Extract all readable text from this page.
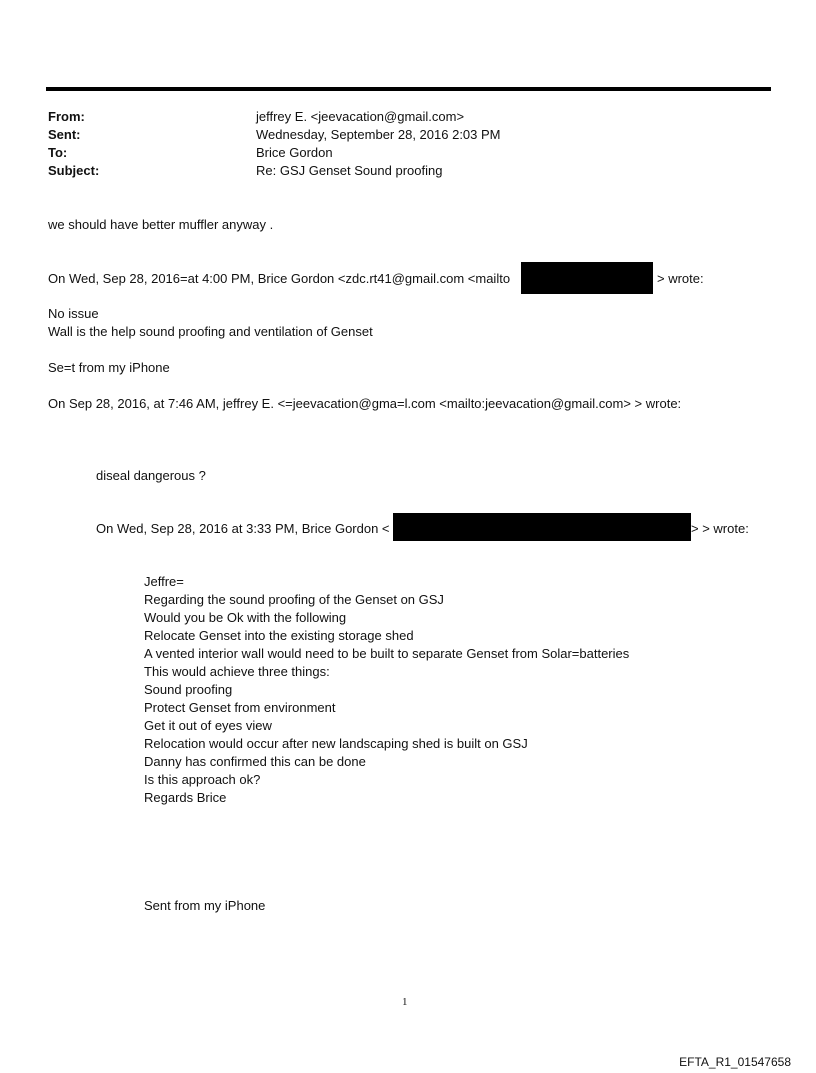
From:	jeffrey E. <jeevacation@gmail.com>
Sent:	Wednesday, September 28, 2016 2:03 PM
To:	Brice Gordon
Subject:	Re: GSJ Genset Sound proofing
we should have better muffler anyway .
On Wed, Sep 28, 2016=at 4:00 PM, Brice Gordon <zdc.rt41@gmail.com <mailto	> wrote:
No issue
Wall is the help sound proofing and ventilation of Genset
Se=t from my iPhone
On Sep 28, 2016, at 7:46 AM, jeffrey E. <=jeevacation@gma=l.com <mailto:jeevacation@gmail.com> > wrote:
diseal dangerous ?
On Wed, Sep 28, 2016 at 3:33 PM, Brice Gordon <	> > wrote:
Jeffre=
Regarding the sound proofing of the Genset on GSJ
Would you be Ok with the following
Relocate Genset into the existing storage shed
A vented interior wall would need to be built to separate Genset from Solar=batteries
This would achieve three things:
Sound proofing
Protect Genset from environment
Get it out of eyes view
Relocation would occur after new landscaping shed is built on GSJ
Danny has confirmed this can be done
Is this approach ok?
Regards Brice
Sent from my iPhone
1
EFTA_R1_01547658
